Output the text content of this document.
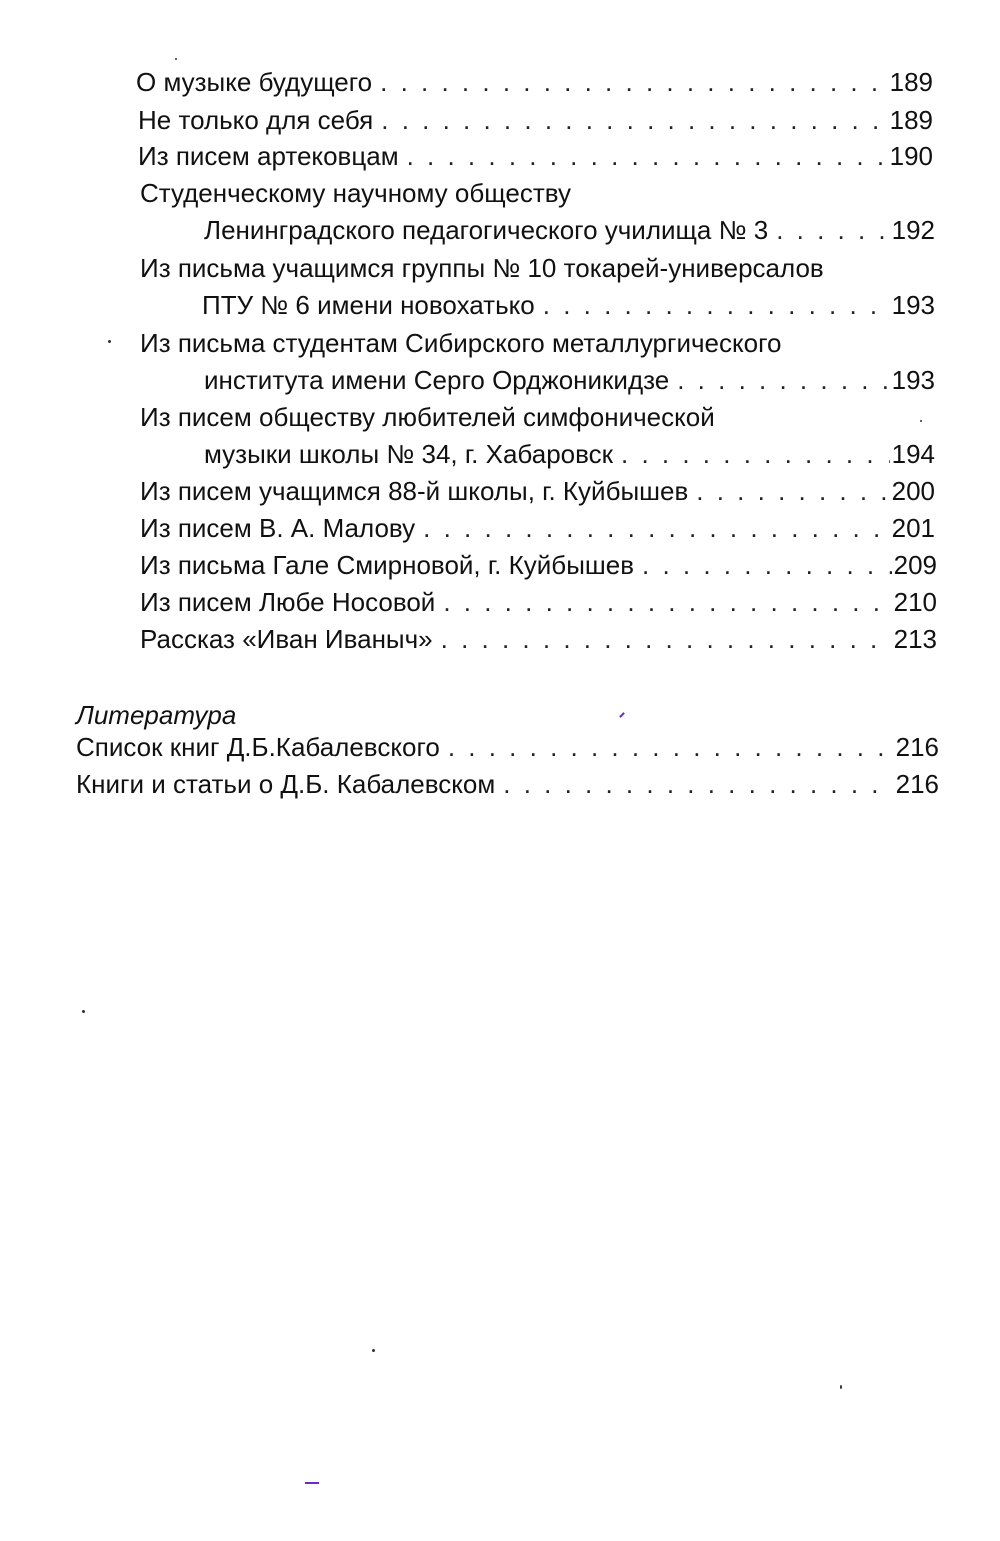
О музыке будущего . . .	189
Не только для себя . . .	189
Из писем артековцам . . .	190
Студенческому научному обществу
Ленинградского педагогического училища № 3 . . .	192
Из письма учащимся группы № 10 токарей-универсалов
ПТУ № 6 имени новохатько . . .	193
Из письма студентам Сибирского металлургического
института имени Серго Орджоникидзе . . .	193
Из писем обществу любителей симфонической
музыки школы № 34, г. Хабаровск . . .	194
Из писем учащимся 88-й школы, г. Куйбышев . . .	200
Из писем В. А. Малову . . .	201
Из письма Гале Смирновой, г. Куйбышев . . .	209
Из писем Любе Носовой . . .	210
Рассказ «Иван Иваныч» . . .	213
Литература
Список книг Д.Б.Кабалевского . . .	216
Книги и статьи о Д.Б. Кабалевском . . .	216
